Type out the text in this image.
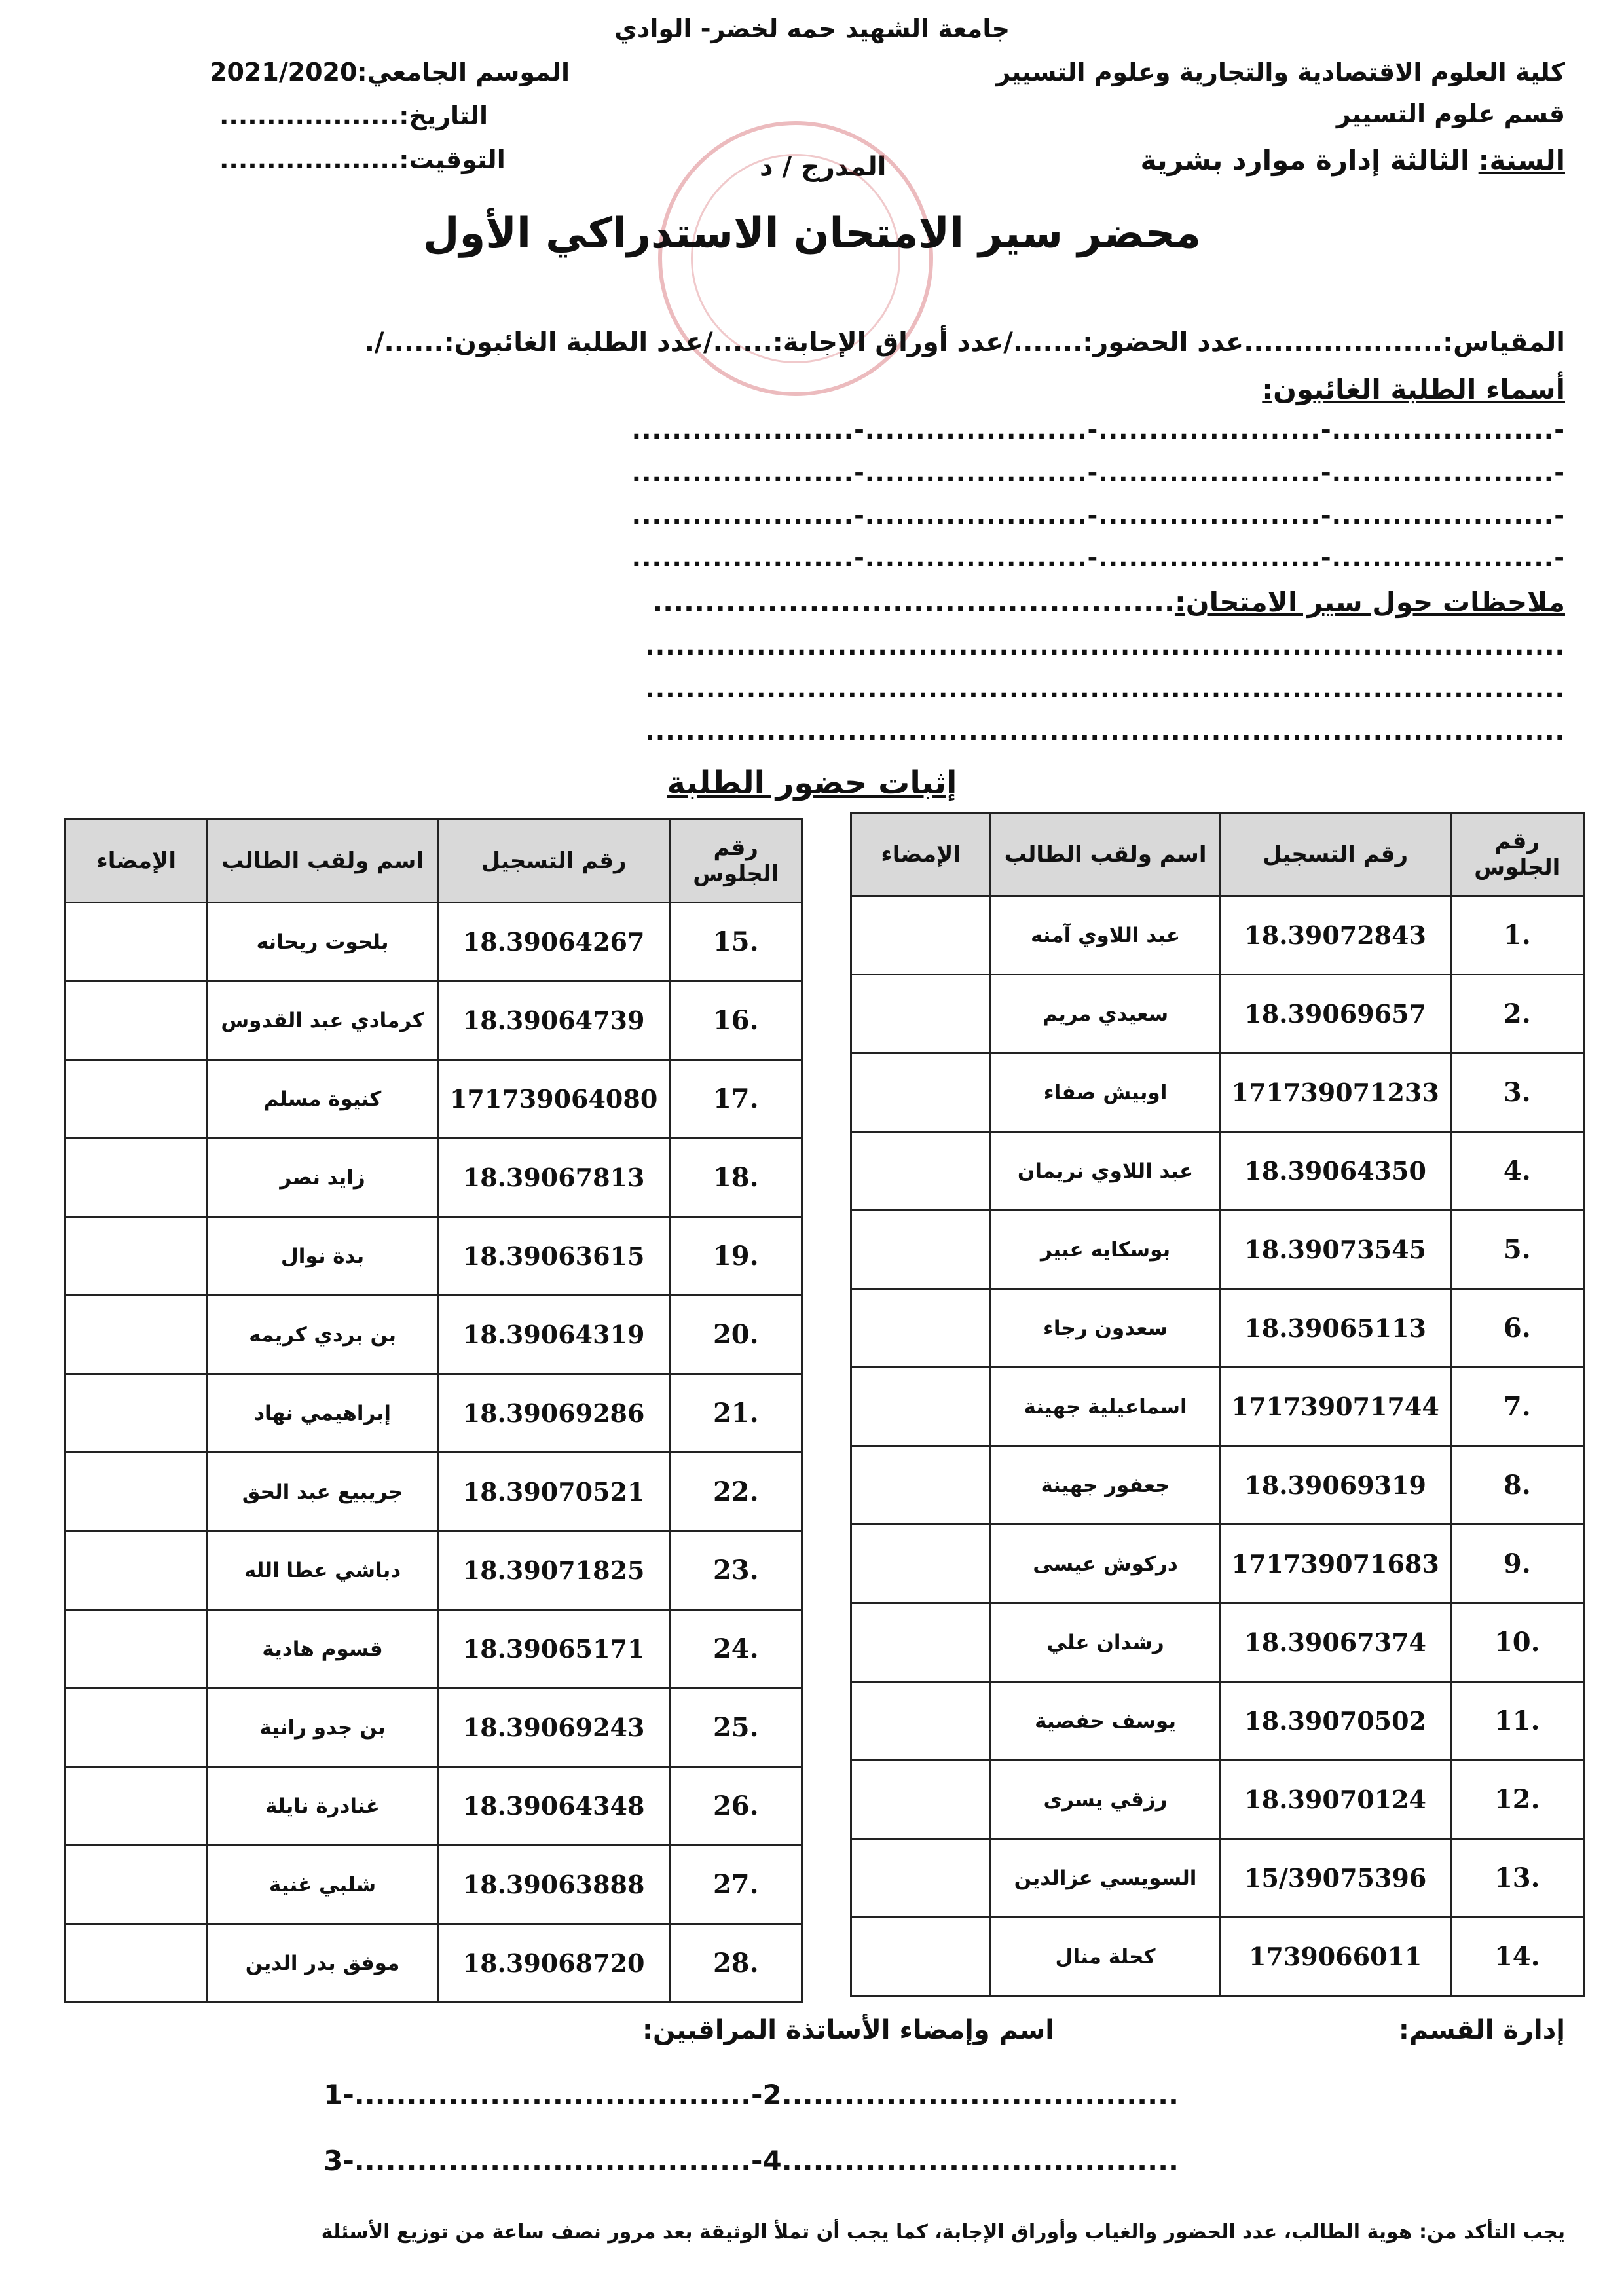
جامعة الشهيد حمه لخضر- الوادي
كلية العلوم الاقتصادية والتجارية وعلوم التسيير
قسم علوم التسيير
السنة: الثالثة إدارة موارد بشرية
المدرج / د
الموسم الجامعي:2021/2020
التاريخ:...................
التوقيت:...................
محضر سير الامتحان الاستدراكي الأول
المقياس:....................عدد الحضور:......./عدد أوراق الإجابة:....../عدد الطلبة الغائبون:....../.
أسماء الطلبة الغائبون:
-......................-......................-......................-......................
-......................-......................-......................-......................
-......................-......................-......................-......................
-......................-......................-......................-......................
ملاحظات حول سير الامتحان:..................................................
...........................................................................................
...........................................................................................
...........................................................................................
إثبات حضور الطلبة
رقم الجلوس	رقم التسجيل	اسم ولقب الطالب	الإمضاء
1.	18.39072843	عبد اللاوي آمنه	
2.	18.39069657	سعيدي مريم	
3.	171739071233	اوبيش صفاء	
4.	18.39064350	عبد اللاوي نريمان	
5.	18.39073545	بوسكايه عبير	
6.	18.39065113	سعدون رجاء	
7.	171739071744	اسماعيلية جهينة	
8.	18.39069319	جعفور جهينة	
9.	171739071683	دركوش عيسى	
10.	18.39067374	رشدان علي	
11.	18.39070502	يوسف حفصية	
12.	18.39070124	رزقي يسرى	
13.	15/39075396	السويسي عزالدين	
14.	1739066011	كحلة منال	
رقم الجلوس	رقم التسجيل	اسم ولقب الطالب	الإمضاء
15.	18.39064267	بلحوت ريحانه	
16.	18.39064739	كرمادي عبد القدوس	
17.	171739064080	كنيوة مسلم	
18.	18.39067813	زايد نصر	
19.	18.39063615	بدة نوال	
20.	18.39064319	بن بردي كريمه	
21.	18.39069286	إبراهيمي نهاد	
22.	18.39070521	جريبيع عبد الحق	
23.	18.39071825	دباشي عطا الله	
24.	18.39065171	قسوم هادية	
25.	18.39069243	بن جدو رانية	
26.	18.39064348	غنادرة نايلة	
27.	18.39063888	شلبي غنية	
28.	18.39068720	موفق بدر الدين	
إدارة القسم:
اسم وإمضاء الأساتذة المراقبين:
1-......................................-2......................................
3-......................................-4......................................
يجب التأكد من: هوية الطالب، عدد الحضور والغياب وأوراق الإجابة، كما يجب أن تملأ الوثيقة بعد مرور نصف ساعة من توزيع الأسئلة
